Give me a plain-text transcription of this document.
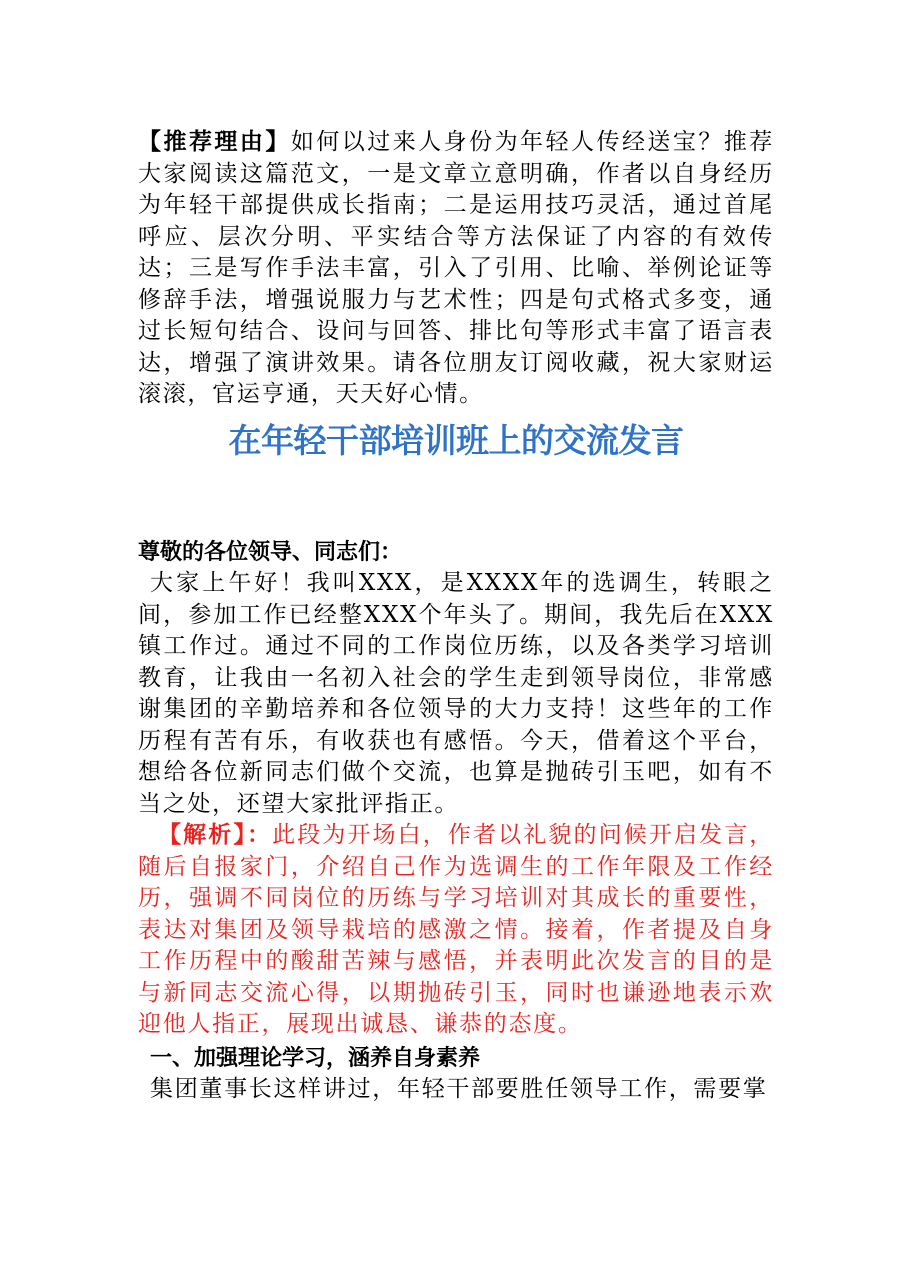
【推荐理由】如何以过来人身份为年轻人传经送宝？推荐大家阅读这篇范文，一是文章立意明确，作者以自身经历为年轻干部提供成长指南；二是运用技巧灵活，通过首尾呼应、层次分明、平实结合等方法保证了内容的有效传达；三是写作手法丰富，引入了引用、比喻、举例论证等修辞手法，增强说服力与艺术性；四是句式格式多变，通过长短句结合、设问与回答、排比句等形式丰富了语言表达，增强了演讲效果。请各位朋友订阅收藏，祝大家财运滚滚，官运亨通，天天好心情。

在年轻干部培训班上的交流发言

尊敬的各位领导、同志们：

大家上午好！我叫XXX，是XXXX年的选调生，转眼之间，参加工作已经整XXX个年头了。期间，我先后在XXX镇工作过。通过不同的工作岗位历练，以及各类学习培训教育，让我由一名初入社会的学生走到领导岗位，非常感谢集团的辛勤培养和各位领导的大力支持！这些年的工作历程有苦有乐，有收获也有感悟。今天，借着这个平台，想给各位新同志们做个交流，也算是抛砖引玉吧，如有不当之处，还望大家批评指正。

【解析】：此段为开场白，作者以礼貌的问候开启发言，随后自报家门，介绍自己作为选调生的工作年限及工作经历，强调不同岗位的历练与学习培训对其成长的重要性，表达对集团及领导栽培的感激之情。接着，作者提及自身工作历程中的酸甜苦辣与感悟，并表明此次发言的目的是与新同志交流心得，以期抛砖引玉，同时也谦逊地表示欢迎他人指正，展现出诚恳、谦恭的态度。

一、加强理论学习，涵养自身素养

集团董事长这样讲过，年轻干部要胜任领导工作，需要掌
